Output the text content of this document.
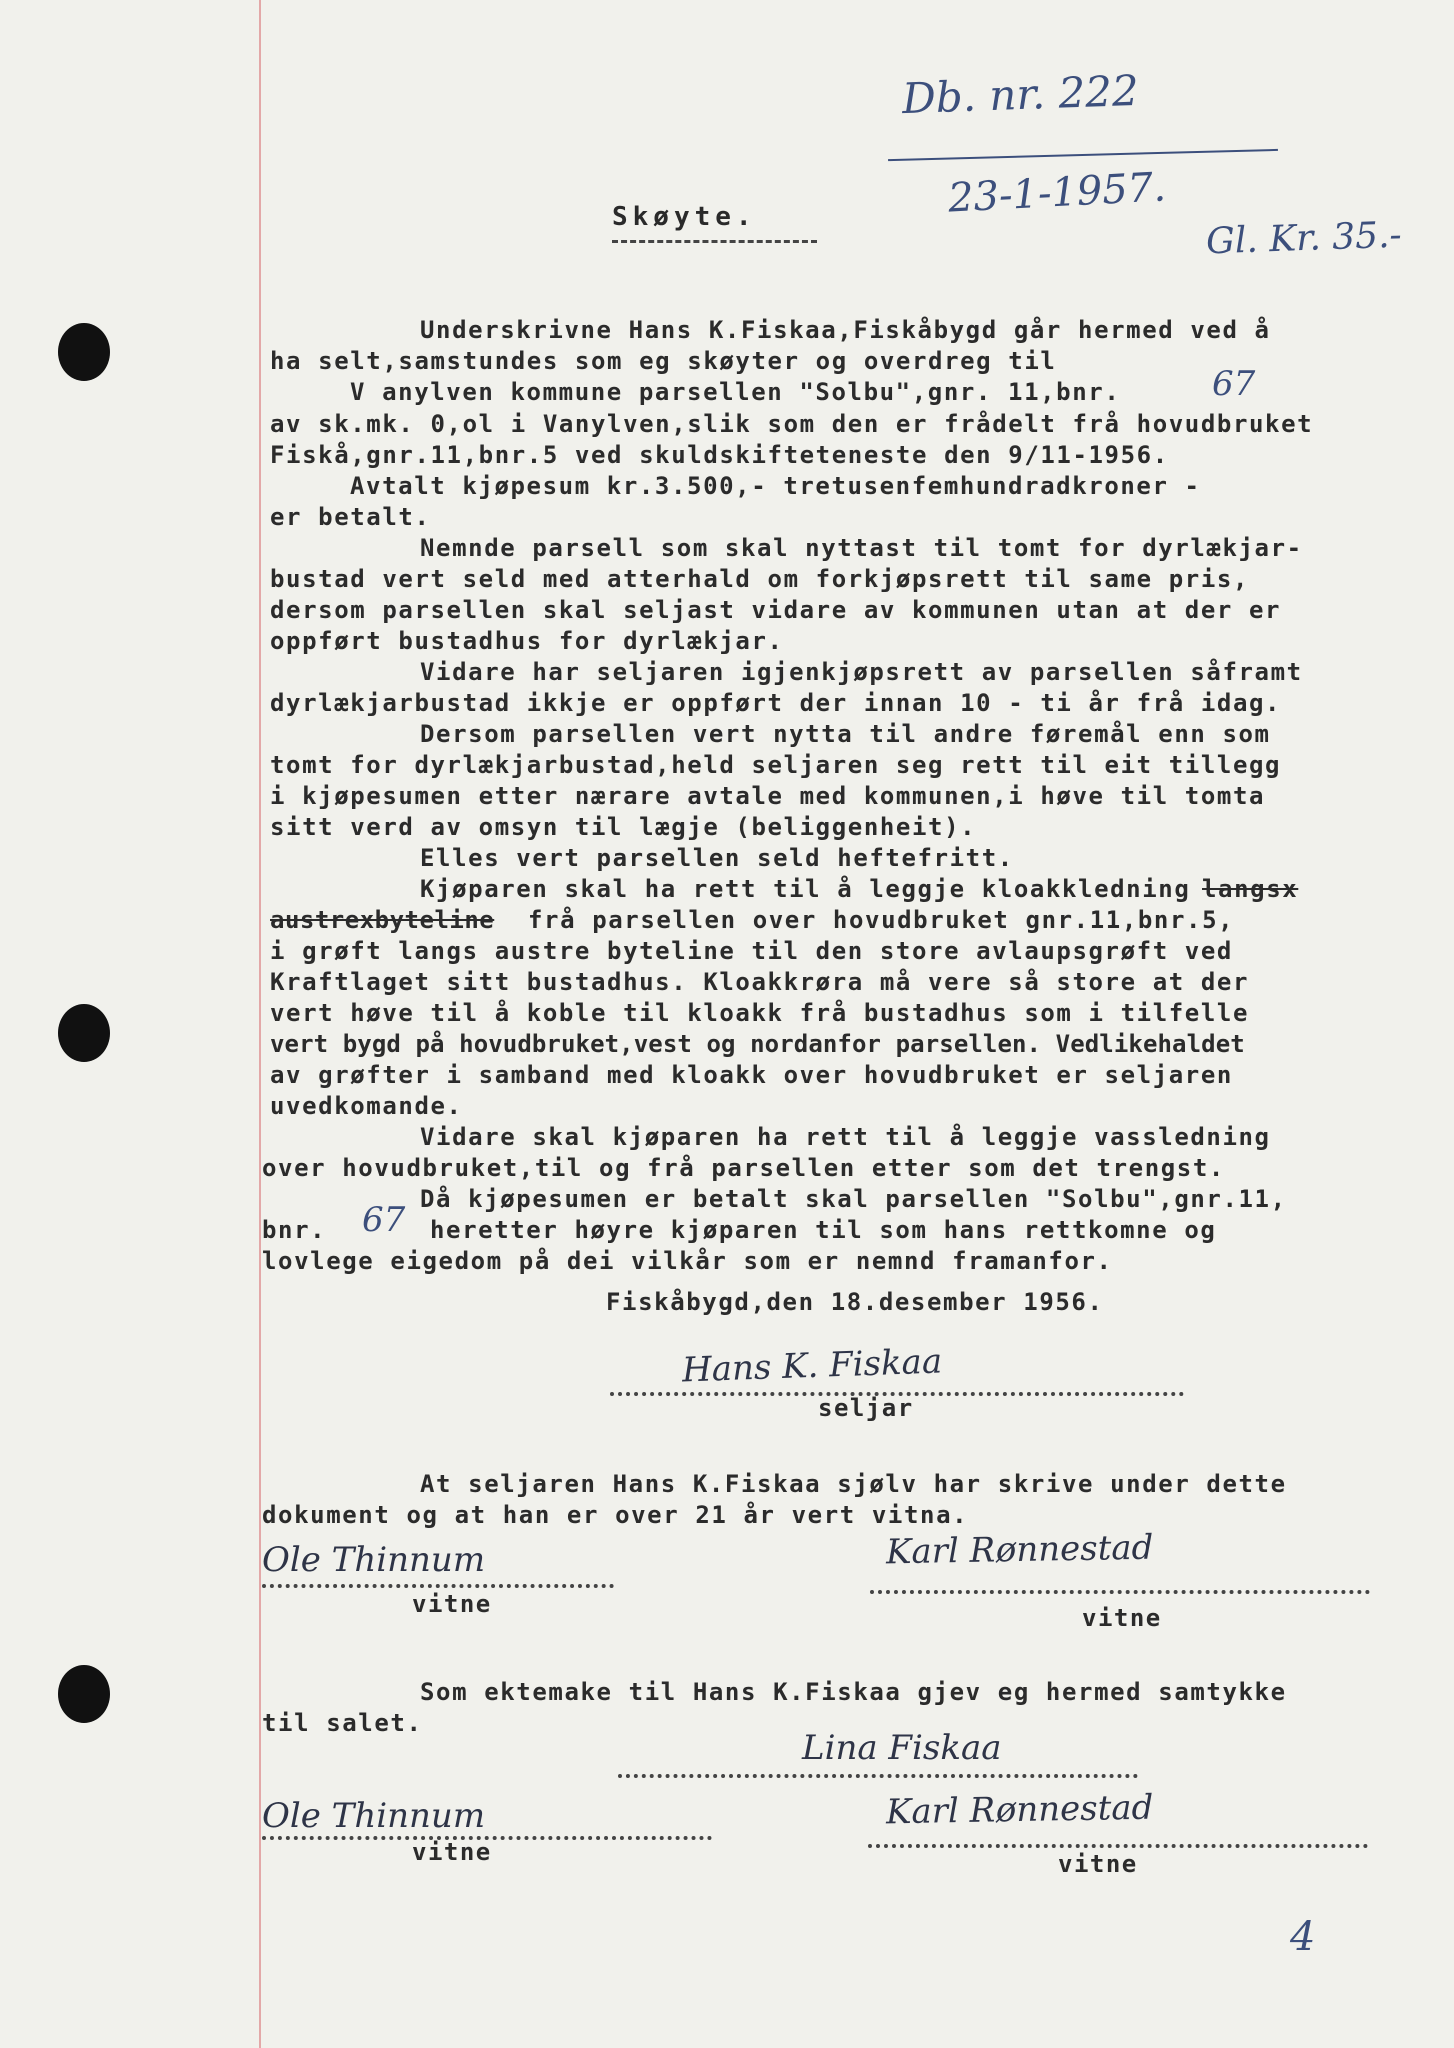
Db. nr. 222
23-1-1957.
Gl. Kr. 35.-
Skøyte.
Underskrivne Hans K.Fiskaa,Fiskåbygd går hermed ved å
ha selt,samstundes som eg skøyter og overdreg til
V anylven kommune parsellen "Solbu",gnr. 11,bnr.	67
av sk.mk. 0,ol i Vanylven,slik som den er frådelt frå hovudbruket
Fiskå,gnr.11,bnr.5 ved skuldskifteteneste den 9/11-1956.
Avtalt kjøpesum kr.3.500,- tretusenfemhundradkroner -
er betalt.
Nemnde parsell som skal nyttast til tomt for dyrlækjar-
bustad vert seld med atterhald om forkjøpsrett til same pris,
dersom parsellen skal seljast vidare av kommunen utan at der er
oppført bustadhus for dyrlækjar.
Vidare har seljaren igjenkjøpsrett av parsellen såframt
dyrlækjarbustad ikkje er oppført der innan 10 - ti år frå idag.
Dersom parsellen vert nytta til andre føremål enn som
tomt for dyrlækjarbustad,held seljaren seg rett til eit tillegg
i kjøpesumen etter nærare avtale med kommunen,i høve til tomta
sitt verd av omsyn til lægje (beliggenheit).
Elles vert parsellen seld heftefritt.
Kjøparen skal ha rett til å leggje kloakkledning langsx
austrexbyteline frå parsellen over hovudbruket gnr.11,bnr.5,
i grøft langs austre byteline til den store avlaupsgrøft ved
Kraftlaget sitt bustadhus. Kloakkrøra må vere så store at der
vert høve til å koble til kloakk frå bustadhus som i tilfelle
vert bygd på hovudbruket,vest og nordanfor parsellen. Vedlikehaldet
av grøfter i samband med kloakk over hovudbruket er seljaren
uvedkomande.
Vidare skal kjøparen ha rett til å leggje vassledning
over hovudbruket,til og frå parsellen etter som det trengst.
Då kjøpesumen er betalt skal parsellen "Solbu",gnr.11,
bnr. 67 heretter høyre kjøparen til som hans rettkomne og
lovlege eigedom på dei vilkår som er nemnd framanfor.
Fiskåbygd,den 18.desember 1956.
Hans K. Fiskaa
seljar
At seljaren Hans K.Fiskaa sjølv har skrive under dette
dokument og at han er over 21 år vert vitna.
Ole Thinnum
vitne
Karl Rønnestad
vitne
Som ektemake til Hans K.Fiskaa gjev eg hermed samtykke
til salet.
Lina Fiskaa
Ole Thinnum
vitne
Karl Rønnestad
vitne
4
